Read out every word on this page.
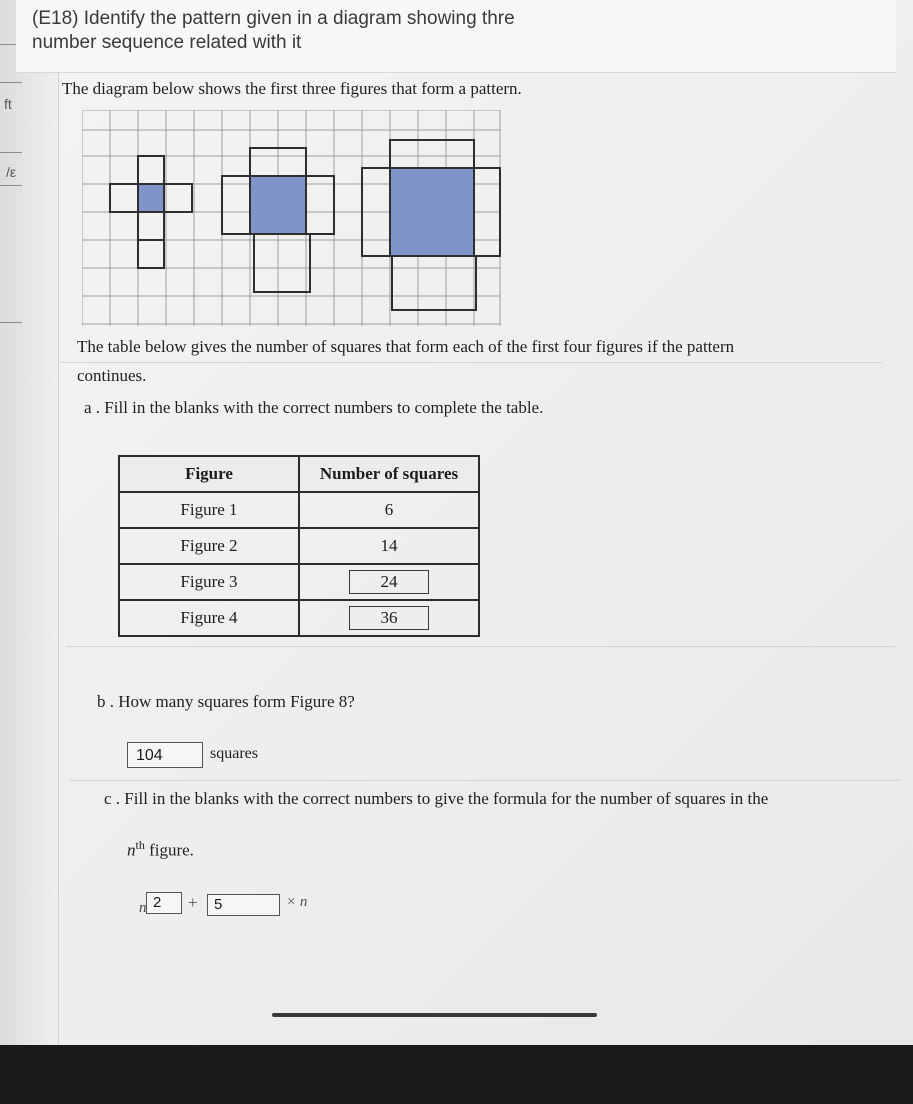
ft
/ε
(E18) Identify the pattern given in a diagram showing thre
number sequence related with it
The diagram below shows the first three figures that form a pattern.
The table below gives the number of squares that form each of the first four figures if the pattern
continues.
a . Fill in the blanks with the correct numbers to complete the table.
Figure	Number of squares
Figure 1	6
Figure 2	14
Figure 3	24
Figure 4	36
b . How many squares form Figure 8?
104	squares
c . Fill in the blanks with the correct numbers to give the formula for the number of squares in the
$n^{th}$ figure.
n 2	+	5	× n
